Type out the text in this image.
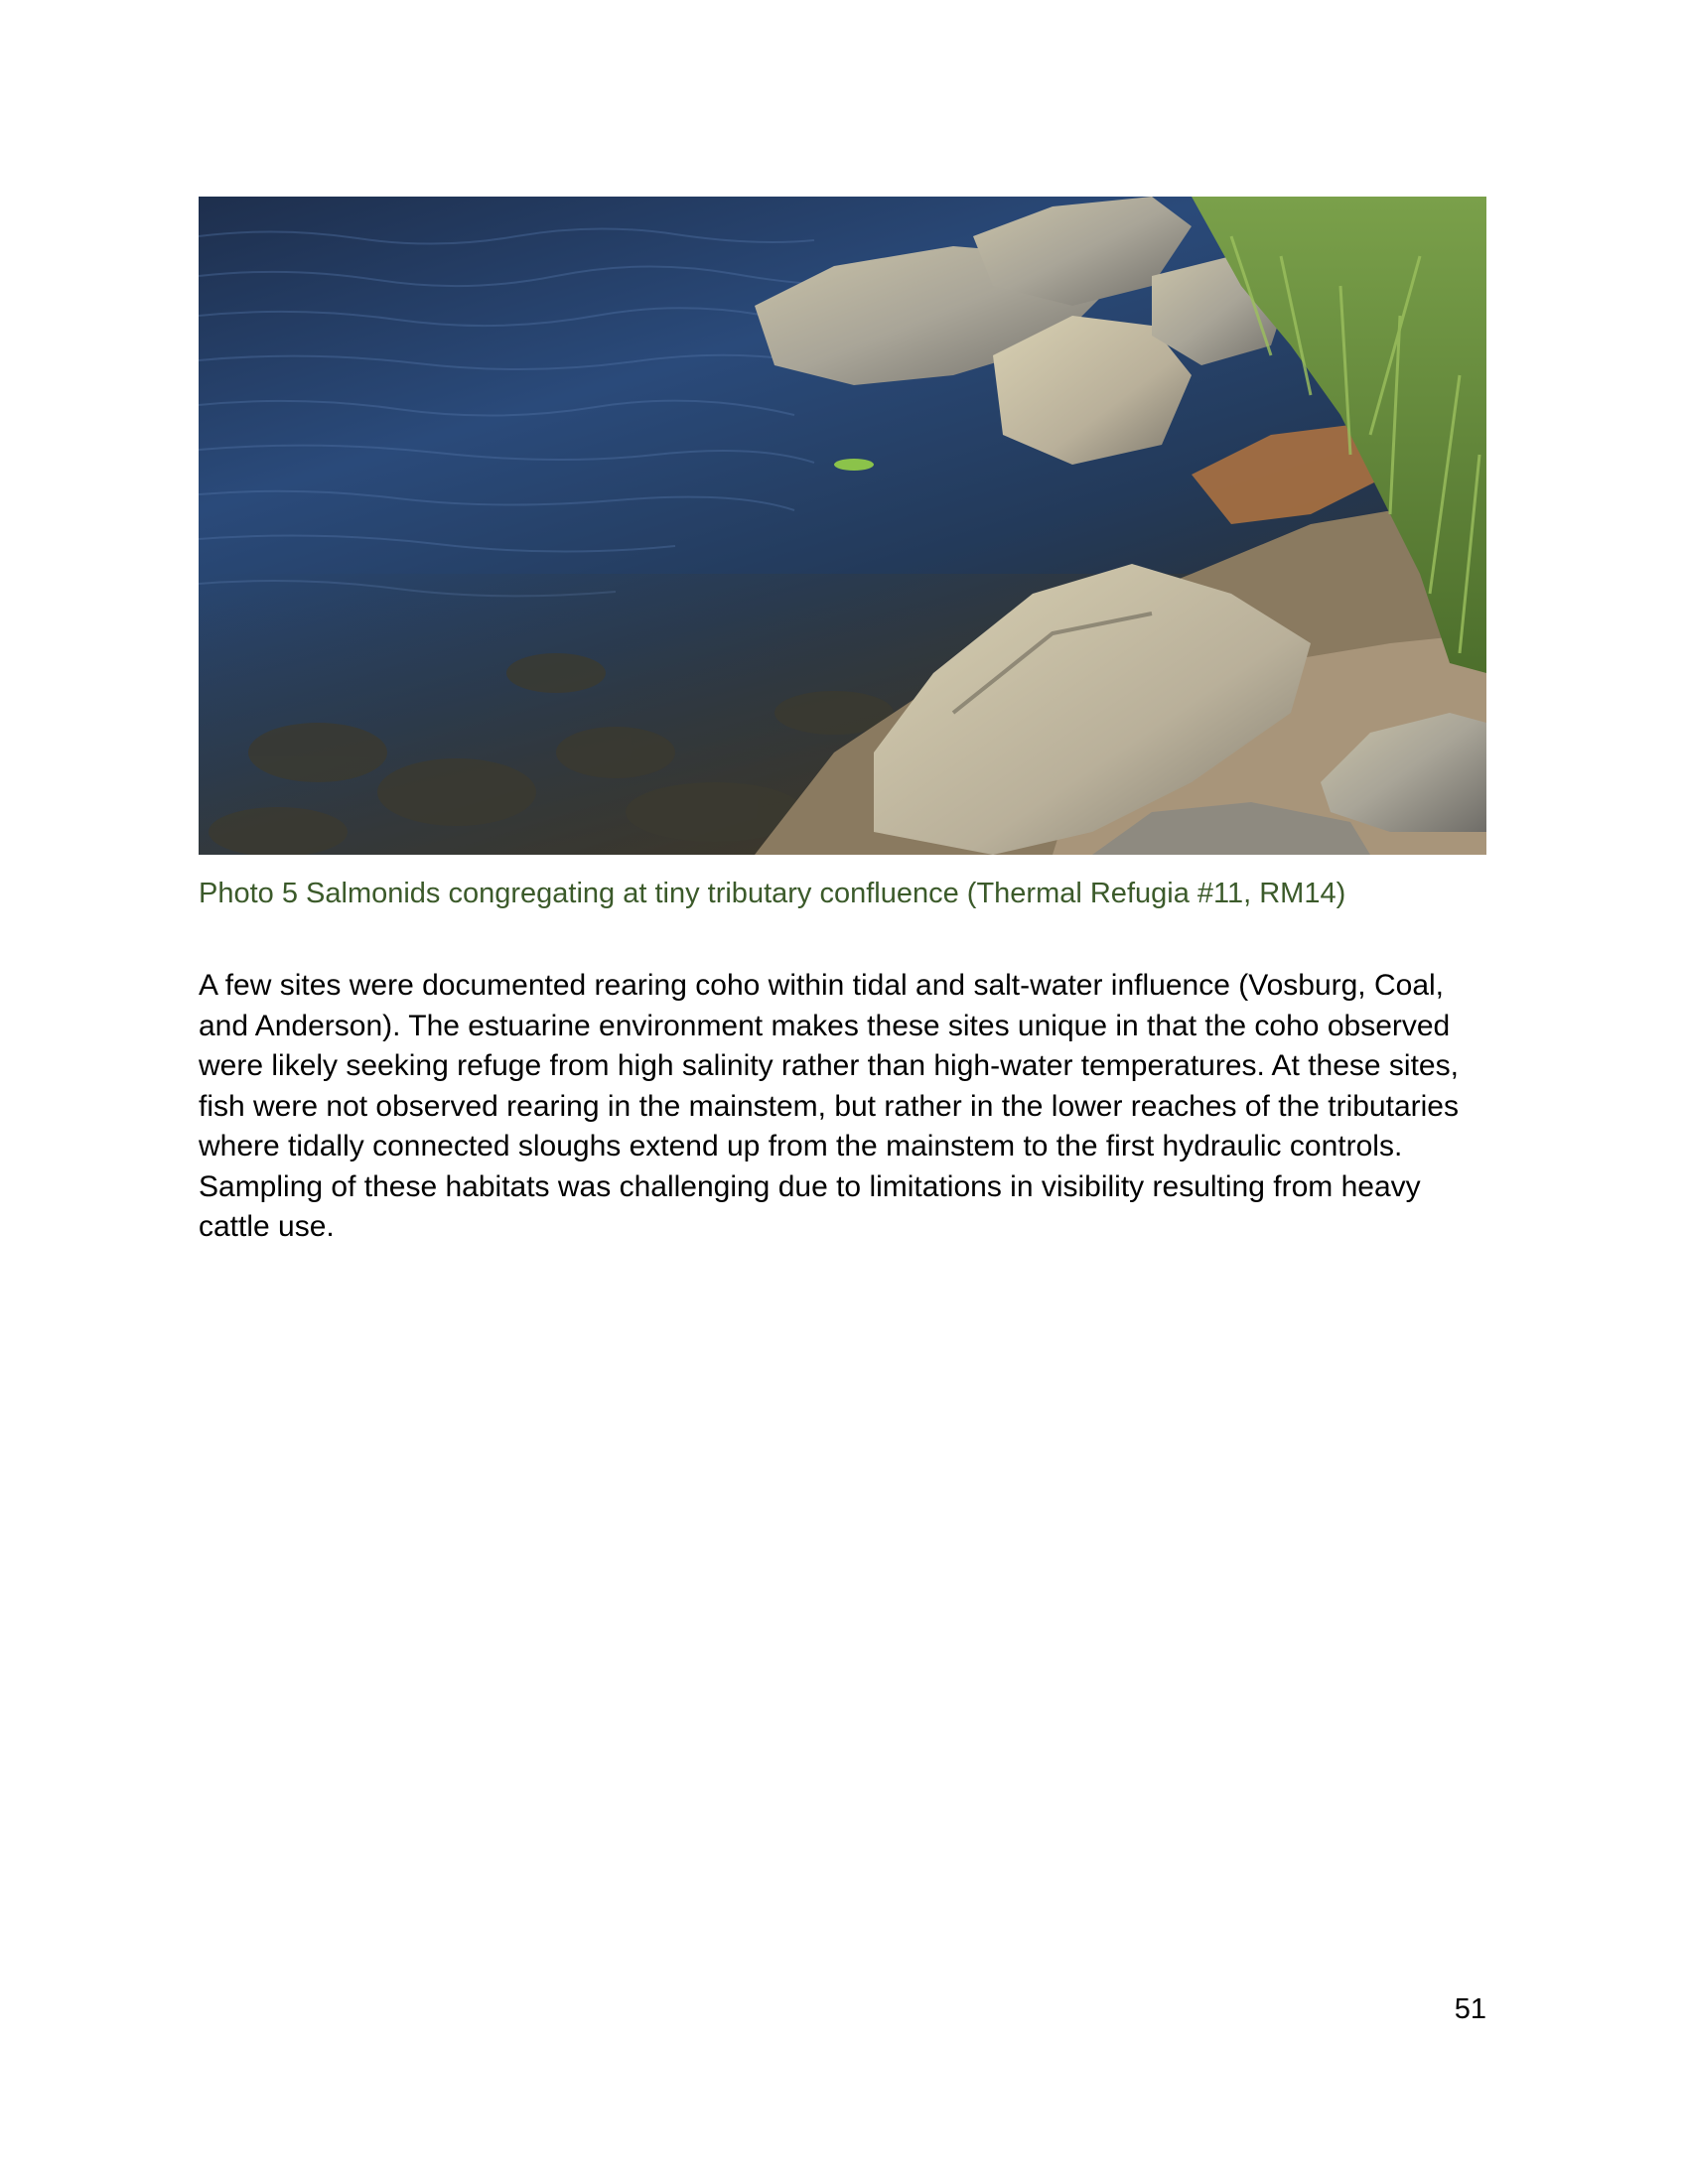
Photo 5 Salmonids congregating at tiny tributary confluence (Thermal Refugia #11, RM14)

A few sites were documented rearing coho within tidal and salt-water influence (Vosburg, Coal, and Anderson). The estuarine environment makes these sites unique in that the coho observed were likely seeking refuge from high salinity rather than high-water temperatures. At these sites, fish were not observed rearing in the mainstem, but rather in the lower reaches of the tributaries where tidally connected sloughs extend up from the mainstem to the first hydraulic controls. Sampling of these habitats was challenging due to limitations in visibility resulting from heavy cattle use.

51
